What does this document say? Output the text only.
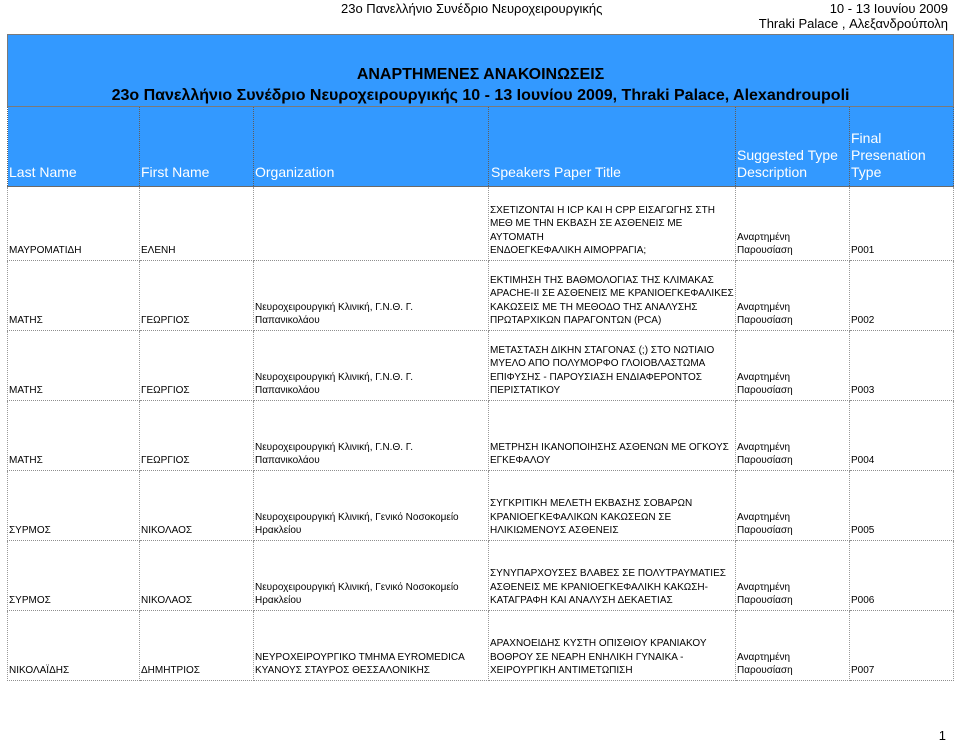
23ο Πανελλήνιο Συνέδριο Νευροχειρουργικής	10 - 13 Ιουνίου 2009
Thraki Palace , Αλεξανδρούπολη
ΑΝΑΡΤΗΜΕΝΕΣ ΑΝΑΚΟΙΝΩΣΕΙΣ
23ο Πανελλήνιο Συνέδριο Νευροχειρουργικής 10 - 13 Ιουνίου 2009, Thraki Palace, Alexandroupoli					

Last Name	First Name	Organization	Speakers Paper Title	Suggested Type
Description	Final
Presenation
Type
ΜΑΥΡΟΜΑΤΙΔΗ	ΕΛΕΝΗ		ΣΧΕΤΙΖΟΝΤΑΙ Η ICP ΚΑΙ Η CPP ΕΙΣΑΓΩΓΗΣ ΣΤΗ
ΜΕΘ ΜΕ ΤΗΝ ΕΚΒΑΣΗ ΣΕ ΑΣΘΕΝΕΙΣ ΜΕ ΑΥΤΟΜΑΤΗ
ΕΝΔΟΕΓΚΕΦΑΛΙΚΗ ΑΙΜΟΡΡΑΓΙΑ;	Αναρτημένη
Παρουσίαση	P001
ΜΑΤΗΣ	ΓΕΩΡΓΙΟΣ	Νευροχειρουργική Κλινική, Γ.Ν.Θ. Γ.
Παπανικολάου	ΕΚΤΙΜΗΣΗ ΤΗΣ ΒΑΘΜΟΛΟΓΙΑΣ ΤΗΣ ΚΛΙΜΑΚΑΣ
APACHE-II ΣΕ ΑΣΘΕΝΕΙΣ ΜΕ ΚΡΑΝΙΟΕΓΚΕΦΑΛΙΚΕΣ
ΚΑΚΩΣΕΙΣ ΜΕ ΤΗ ΜΕΘΟΔΟ ΤΗΣ ΑΝΑΛΥΣΗΣ
ΠΡΩΤΑΡΧΙΚΩΝ ΠΑΡΑΓΟΝΤΩΝ (PCA)	Αναρτημένη
Παρουσίαση	P002
ΜΑΤΗΣ	ΓΕΩΡΓΙΟΣ	Νευροχειρουργική Κλινική, Γ.Ν.Θ. Γ.
Παπανικολάου	ΜΕΤΑΣΤΑΣΗ ΔΙΚΗΝ ΣΤΑΓΟΝΑΣ (;) ΣΤΟ ΝΩΤΙΑΙΟ
ΜΥΕΛΟ ΑΠΟ ΠΟΛΥΜΟΡΦΟ ΓΛΟΙΟΒΛΑΣΤΩΜΑ
ΕΠΙΦΥΣΗΣ - ΠΑΡΟΥΣΙΑΣΗ ΕΝΔΙΑΦΕΡΟΝΤΟΣ
ΠΕΡΙΣΤΑΤΙΚΟΥ	Αναρτημένη
Παρουσίαση	P003
ΜΑΤΗΣ	ΓΕΩΡΓΙΟΣ	Νευροχειρουργική Κλινική, Γ.Ν.Θ. Γ.
Παπανικολάου	ΜΕΤΡΗΣΗ ΙΚΑΝΟΠΟΙΗΣΗΣ ΑΣΘΕΝΩΝ ΜΕ ΟΓΚΟΥΣ
ΕΓΚΕΦΑΛΟΥ	Αναρτημένη
Παρουσίαση	P004
ΣΥΡΜΟΣ	ΝΙΚΟΛΑΟΣ	Νευροχειρουργική Κλινική, Γενικό Νοσοκομείο
Ηρακλείου	ΣΥΓΚΡΙΤΙΚΗ ΜΕΛΕΤΗ ΕΚΒΑΣΗΣ ΣΟΒΑΡΩΝ
ΚΡΑΝΙΟΕΓΚΕΦΑΛΙΚΩΝ ΚΑΚΩΣΕΩΝ ΣΕ
ΗΛΙΚΙΩΜΕΝΟΥΣ ΑΣΘΕΝΕΙΣ	Αναρτημένη
Παρουσίαση	P005
ΣΥΡΜΟΣ	ΝΙΚΟΛΑΟΣ	Νευροχειρουργική Κλινική, Γενικό Νοσοκομείο
Ηρακλείου	ΣΥΝΥΠΑΡΧΟΥΣΕΣ ΒΛΑΒΕΣ ΣΕ ΠΟΛΥΤΡΑΥΜΑΤΙΕΣ
ΑΣΘΕΝΕΙΣ ΜΕ ΚΡΑΝΙΟΕΓΚΕΦΑΛΙΚΗ ΚΑΚΩΣΗ-
ΚΑΤΑΓΡΑΦΗ ΚΑΙ ΑΝΑΛΥΣΗ ΔΕΚΑΕΤΙΑΣ	Αναρτημένη
Παρουσίαση	P006
ΝΙΚΟΛΑΪΔΗΣ	ΔΗΜΗΤΡΙΟΣ	ΝΕΥΡΟΧΕΙΡΟΥΡΓΙΚΟ ΤΜΗΜΑ EYROMEDICA
ΚΥΑΝΟΥΣ ΣΤΑΥΡΟΣ ΘΕΣΣΑΛΟΝΙΚΗΣ	ΑΡΑΧΝΟΕΙΔΗΣ ΚΥΣΤΗ ΟΠΙΣΘΙΟΥ ΚΡΑΝΙΑΚΟΥ
ΒΟΘΡΟΥ ΣΕ ΝΕΑΡΗ ΕΝΗΛΙΚΗ ΓΥΝΑΙΚΑ -
ΧΕΙΡΟΥΡΓΙΚΗ ΑΝΤΙΜΕΤΩΠΙΣΗ	Αναρτημένη
Παρουσίαση	P007
1
